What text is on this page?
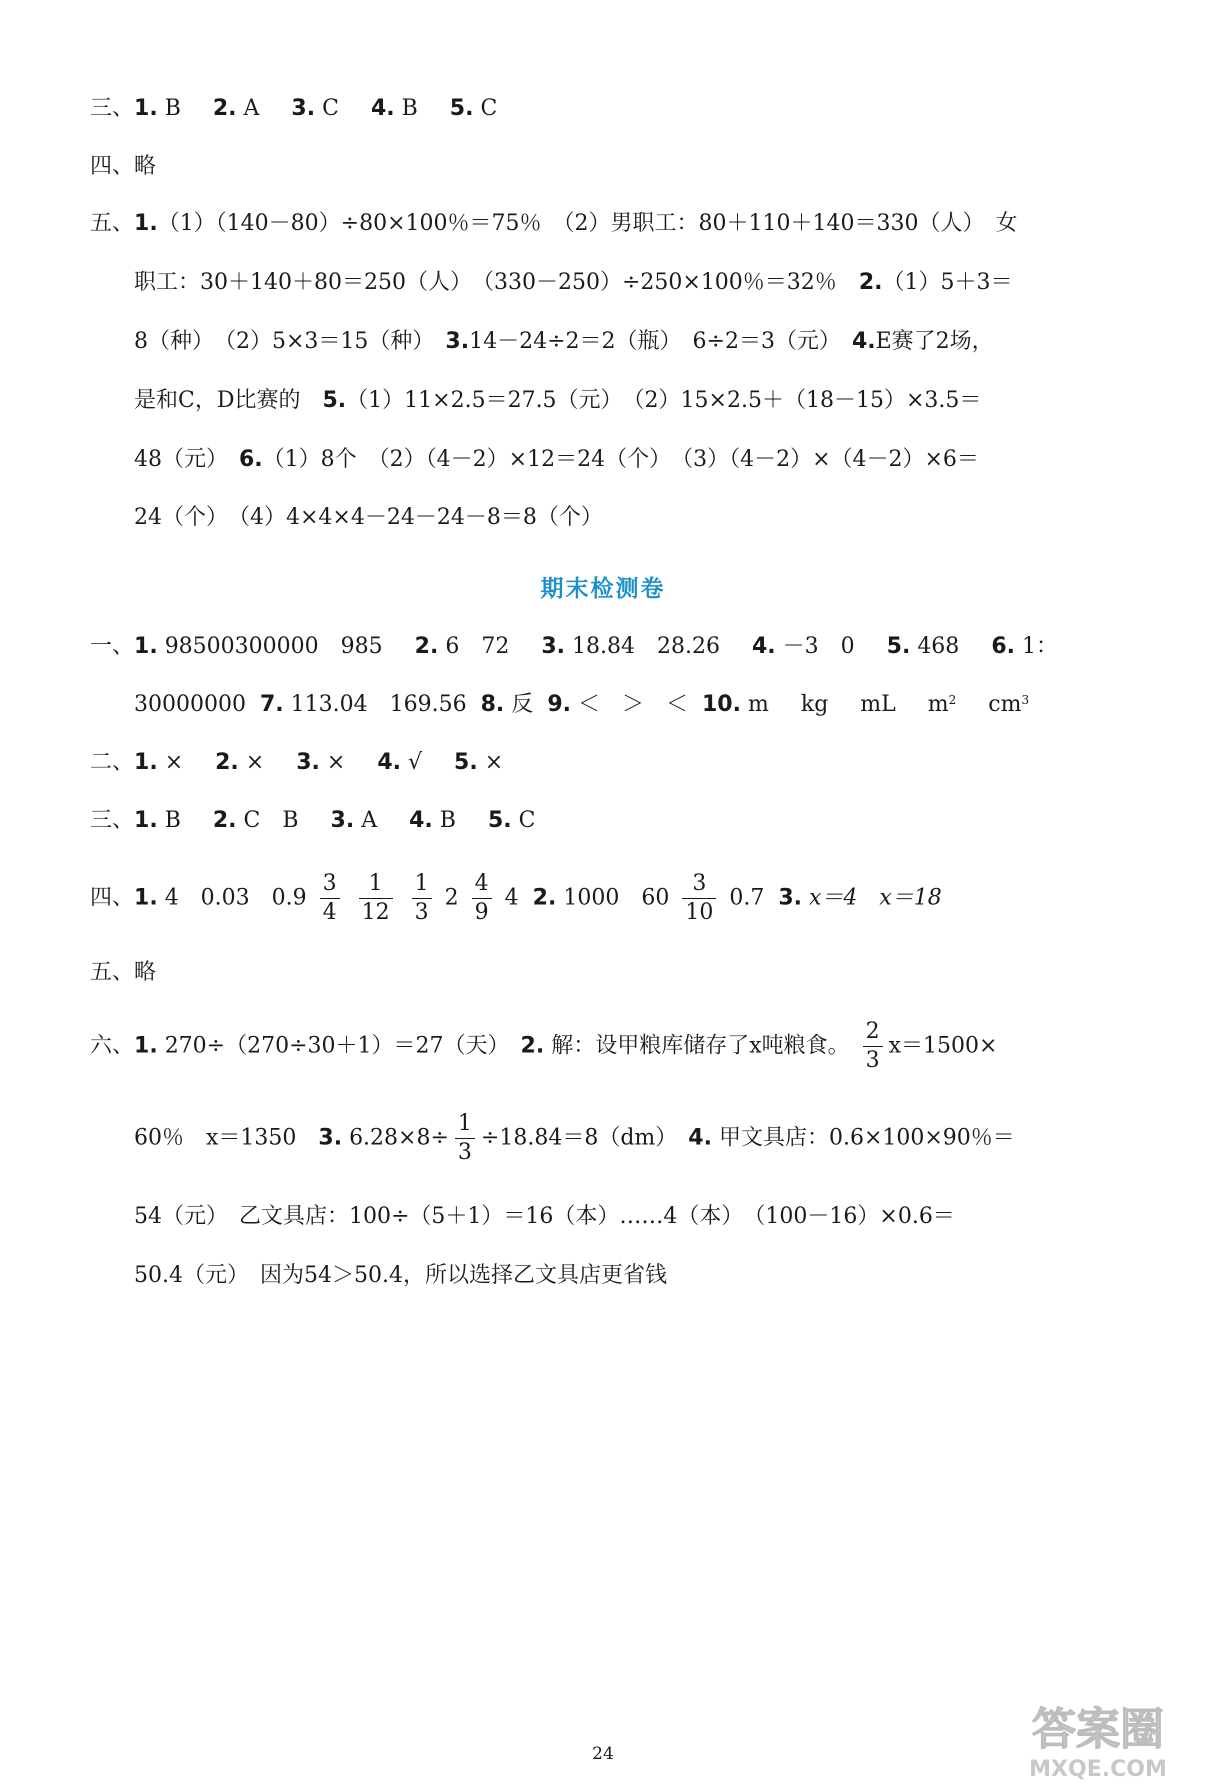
三、1. B 2. A 3. C 4. B 5. C
四、略
五、1.（1）（140－80）÷80×100％＝75％　（2）男职工：80＋110＋140＝330（人）　女
职工：30＋140＋80＝250（人）　（330－250）÷250×100％＝32％　2.（1）5＋3＝
8（种）　（2）5×3＝15（种）　3.14－24÷2＝2（瓶）　6÷2＝3（元）　4.E赛了2场，
是和C，D比赛的　5.（1）11×2.5＝27.5（元）　（2）15×2.5＋（18－15）×3.5＝
48（元）　6.（1）8个　（2）（4－2）×12＝24（个）　（3）（4－2）×（4－2）×6＝
24（个）　（4）4×4×4－24－24－8＝8（个）
期末检测卷
一、1. 98500300000　985 2. 6　72 3. 18.84　28.26 4. －3　0 5. 468 6. 1：
30000000 7. 113.04　169.56 8. 反 9. ＜　＞　＜ 10. m kg mL $m^2$ $cm^3$
二、1. × 2. × 3. × 4. √ 5. ×
三、1. B 2. C　B 3. A 4. B 5. C
四、1. 4　0.03　$0.9 \frac{3}{4}$
$\frac{1}{12}$
$\frac{1}{3} 2 \frac{4}{9} 4$ 2. 1000　$60 \frac{3}{10} 0.7$ 3. x＝4　x＝18
五、略
六、1. 270÷（270÷30＋1）＝27（天）　2. 解：设甲粮库储存了x吨粮食。 $\frac{2}{3} x=1500\times$
60％　x＝1350　3. $6.28\times 8\div \frac{1}{3} \div 18.84=8(dm)$　4. 甲文具店：0.6×100×90％＝
54（元）　乙文具店：100÷（5＋1）＝16（本）……4（本）　（100－16）×0.6＝
50.4（元）　因为54＞50.4，所以选择乙文具店更省钱
24	答案圈
MXQE.COM
